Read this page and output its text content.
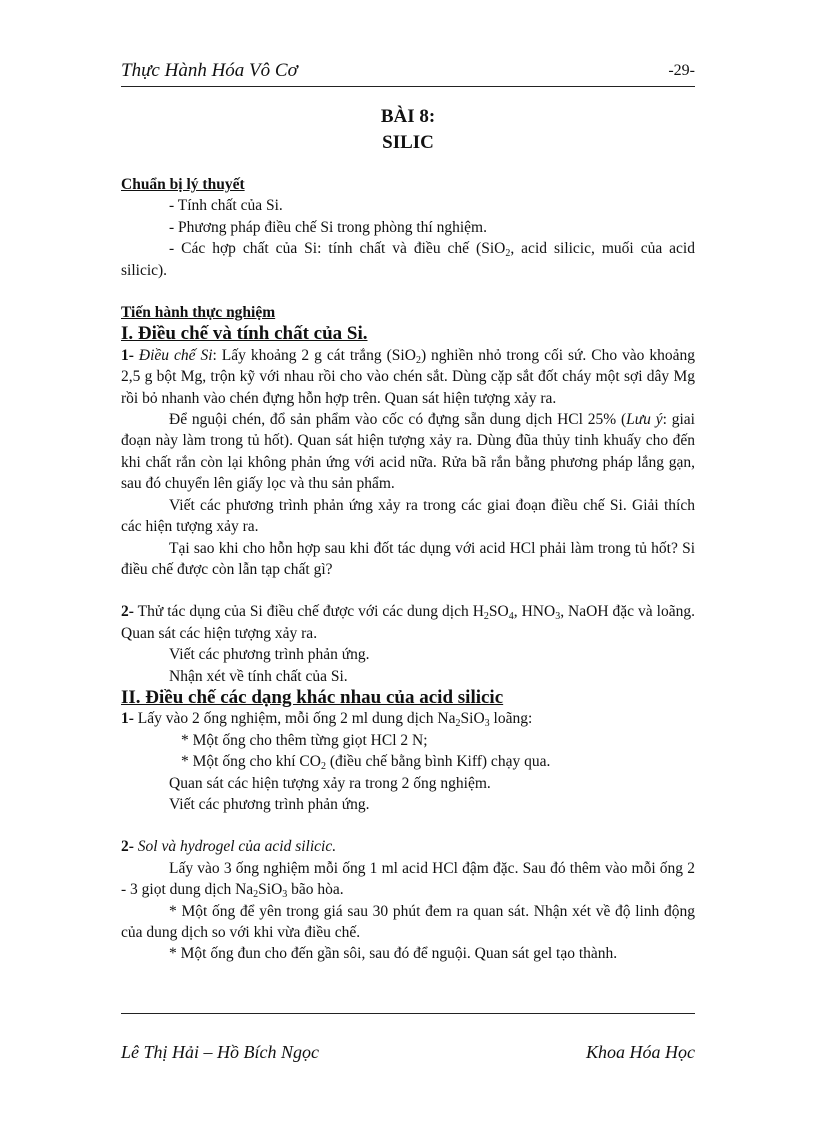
Thực Hành Hóa Vô Cơ	-29-
BÀI 8:
SILIC

Chuẩn bị lý thuyết

- Tính chất của Si.

- Phương pháp điều chế Si trong phòng thí nghiệm.

- Các hợp chất của Si: tính chất và điều chế (SiO$_2$, acid silicic, muối của acid silicic).

Tiến hành thực nghiệm

I. Điều chế và tính chất của Si.

1- Điều chế Si: Lấy khoảng 2 g cát trắng (SiO$_2$) nghiền nhỏ trong cối sứ. Cho vào khoảng 2,5 g bột Mg, trộn kỹ với nhau rồi cho vào chén sắt. Dùng cặp sắt đốt cháy một sợi dây Mg rồi bỏ nhanh vào chén đựng hỗn hợp trên. Quan sát hiện tượng xảy ra.

Để nguội chén, đổ sản phẩm vào cốc có đựng sẵn dung dịch HCl 25% (Lưu ý: giai đoạn này làm trong tủ hốt). Quan sát hiện tượng xảy ra. Dùng đũa thủy tinh khuấy cho đến khi chất rắn còn lại không phản ứng với acid nữa. Rửa bã rắn bằng phương pháp lắng gạn, sau đó chuyển lên giấy lọc và thu sản phẩm.

Viết các phương trình phản ứng xảy ra trong các giai đoạn điều chế Si. Giải thích các hiện tượng xảy ra.

Tại sao khi cho hỗn hợp sau khi đốt tác dụng với acid HCl phải làm trong tủ hốt? Si điều chế được còn lẫn tạp chất gì?

2- Thử tác dụng của Si điều chế được với các dung dịch $H_2SO_4$, $HNO_3$, NaOH đặc và loãng. Quan sát các hiện tượng xảy ra.

Viết các phương trình phản ứng.

Nhận xét về tính chất của Si.

II. Điều chế các dạng khác nhau của acid silicic

1- Lấy vào 2 ống nghiệm, mỗi ống 2 ml dung dịch $Na_2SiO_3$ loãng:

* Một ống cho thêm từng giọt HCl 2 N;

* Một ống cho khí $CO_2$ (điều chế bằng bình Kiff) chạy qua.

Quan sát các hiện tượng xảy ra trong 2 ống nghiệm.

Viết các phương trình phản ứng.

2- Sol và hydrogel của acid silicic.

Lấy vào 3 ống nghiệm mỗi ống 1 ml acid HCl đậm đặc. Sau đó thêm vào mỗi ống 2 - 3 giọt dung dịch $Na_2SiO_3$ bão hòa.

* Một ống để yên trong giá sau 30 phút đem ra quan sát. Nhận xét về độ linh động của dung dịch so với khi vừa điều chế.

* Một ống đun cho đến gần sôi, sau đó để nguội. Quan sát gel tạo thành.

Lê Thị Hải – Hồ Bích Ngọc	Khoa Hóa Học
